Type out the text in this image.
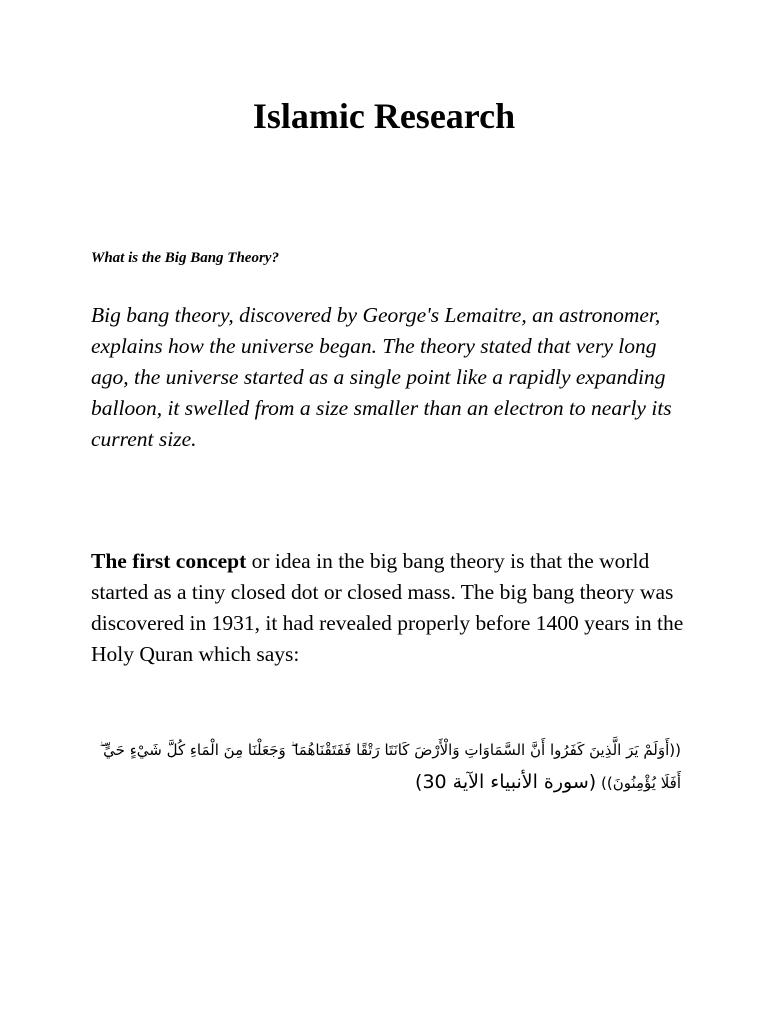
Islamic Research

What is the Big Bang Theory?

Big bang theory, discovered by George's Lemaitre, an astronomer, explains how the universe began. The theory stated that very long ago, the universe started as a single point like a rapidly expanding balloon, it swelled from a size smaller than an electron to nearly its current size.

The first concept or idea in the big bang theory is that the world started as a tiny closed dot or closed mass. The big bang theory was discovered in 1931, it had revealed properly before 1400 years in the Holy Quran which says:

((أَوَلَمْ يَرَ الَّذِينَ كَفَرُوا أَنَّ السَّمَاوَاتِ وَالْأَرْضَ كَانَتَا رَتْقًا فَفَتَقْنَاهُمَا ۖ وَجَعَلْنَا مِنَ الْمَاءِ كُلَّ شَيْءٍ حَيٍّ ۖ أَفَلَا يُؤْمِنُونَ)) (سورة الأنبياء الآية 30)
